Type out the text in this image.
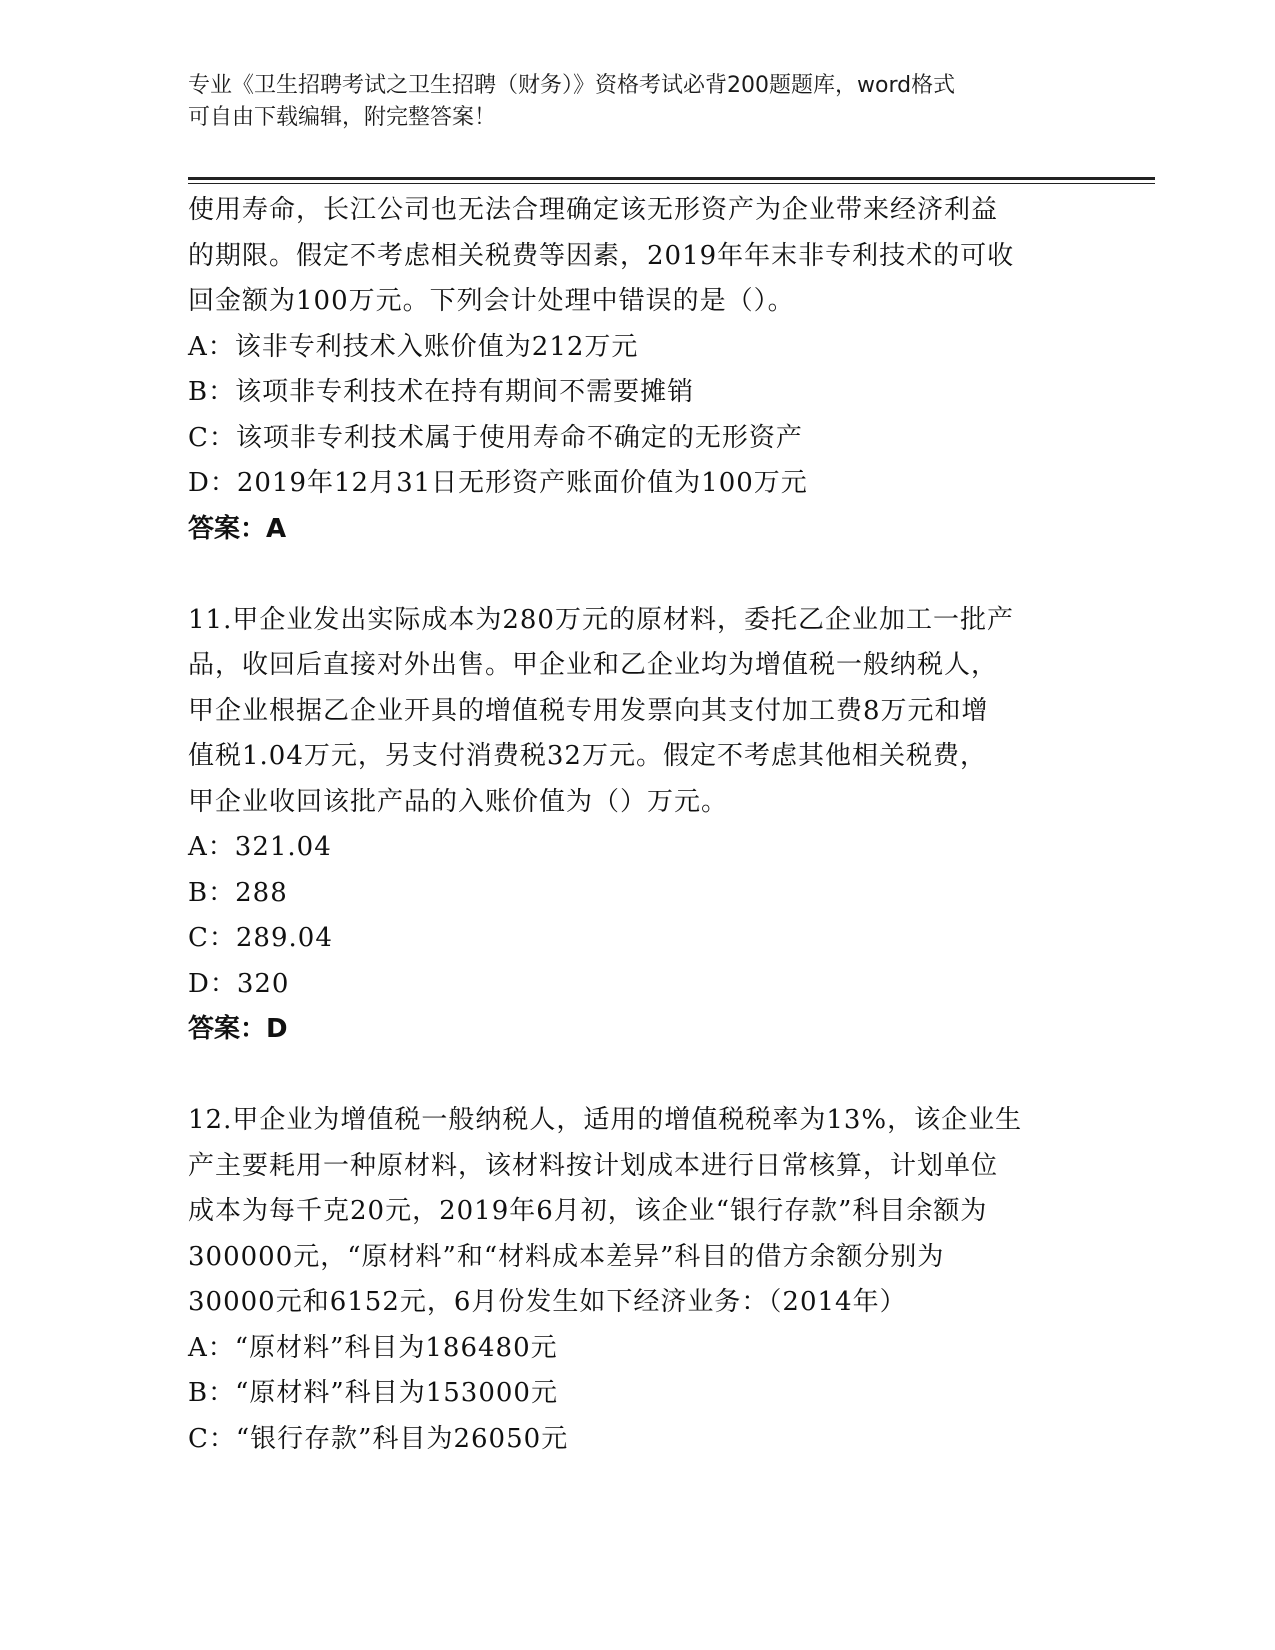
专业《卫生招聘考试之卫生招聘（财务）》资格考试必背200题题库，word格式
可自由下载编辑，附完整答案！
使用寿命，长江公司也无法合理确定该无形资产为企业带来经济利益
的期限。假定不考虑相关税费等因素，2019年年末非专利技术的可收
回金额为100万元。下列会计处理中错误的是（）。
A：该非专利技术入账价值为212万元
B：该项非专利技术在持有期间不需要摊销
C：该项非专利技术属于使用寿命不确定的无形资产
D：2019年12月31日无形资产账面价值为100万元
答案：A
11.甲企业发出实际成本为280万元的原材料，委托乙企业加工一批产
品，收回后直接对外出售。甲企业和乙企业均为增值税一般纳税人，
甲企业根据乙企业开具的增值税专用发票向其支付加工费8万元和增
值税1.04万元，另支付消费税32万元。假定不考虑其他相关税费，
甲企业收回该批产品的入账价值为（）万元。
A：321.04
B：288
C：289.04
D：320
答案：D
12.甲企业为增值税一般纳税人，适用的增值税税率为13%，该企业生
产主要耗用一种原材料，该材料按计划成本进行日常核算，计划单位
成本为每千克20元，2019年6月初，该企业“银行存款”科目余额为
300000元，“原材料”和“材料成本差异”科目的借方余额分别为
30000元和6152元，6月份发生如下经济业务：（2014年）
A：“原材料”科目为186480元
B：“原材料”科目为153000元
C：“银行存款”科目为26050元
